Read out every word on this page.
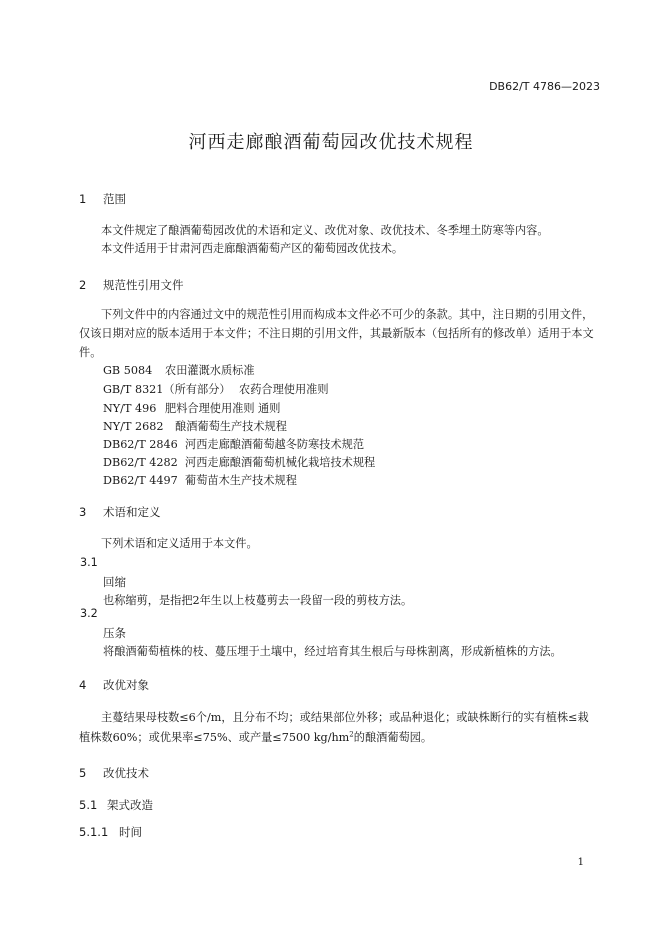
DB62/T 4786—2023
河西走廊酿酒葡萄园改优技术规程
1 范围
本文件规定了酿酒葡萄园改优的术语和定义、改优对象、改优技术、冬季埋土防寒等内容。
本文件适用于甘肃河西走廊酿酒葡萄产区的葡萄园改优技术。
2 规范性引用文件
下列文件中的内容通过文中的规范性引用而构成本文件必不可少的条款。其中，注日期的引用文件，仅该日期对应的版本适用于本文件；不注日期的引用文件，其最新版本（包括所有的修改单）适用于本文件。
GB 5084 农田灌溉水质标准
GB/T 8321（所有部分） 农药合理使用准则
NY/T 496 肥料合理使用准则 通则
NY/T 2682 酿酒葡萄生产技术规程
DB62/T 2846 河西走廊酿酒葡萄越冬防寒技术规范
DB62/T 4282 河西走廊酿酒葡萄机械化栽培技术规程
DB62/T 4497 葡萄苗木生产技术规程
3 术语和定义
下列术语和定义适用于本文件。
3.1
回缩
也称缩剪，是指把2年生以上枝蔓剪去一段留一段的剪枝方法。
3.2
压条
将酿酒葡萄植株的枝、蔓压埋于土壤中，经过培育其生根后与母株割离，形成新植株的方法。
4 改优对象
主蔓结果母枝数≤6个/m，且分布不均；或结果部位外移；或品种退化；或缺株断行的实有植株≤栽植株数60%；或优果率≤75%、或产量≤7500 $kg/hm^2$的酿酒葡萄园。
5 改优技术
5.1 架式改造
5.1.1 时间
1
